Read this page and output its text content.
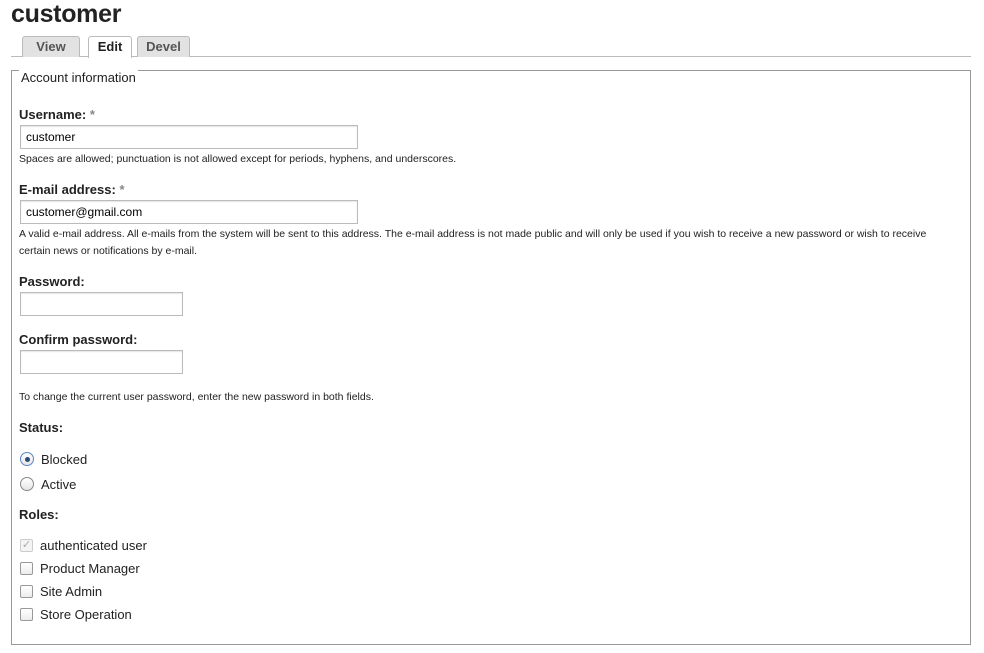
customer
View	Edit	Devel
Account information
Username: *
customer
Spaces are allowed; punctuation is not allowed except for periods, hyphens, and underscores.
E-mail address: *
customer@gmail.com
A valid e-mail address. All e-mails from the system will be sent to this address. The e-mail address is not made public and will only be used if you wish to receive a new password or wish to receive certain news or notifications by e-mail.
Password:
Confirm password:
To change the current user password, enter the new password in both fields.
Status:
Blocked
Active
Roles:
✓ authenticated user
Product Manager
Site Admin
Store Operation
